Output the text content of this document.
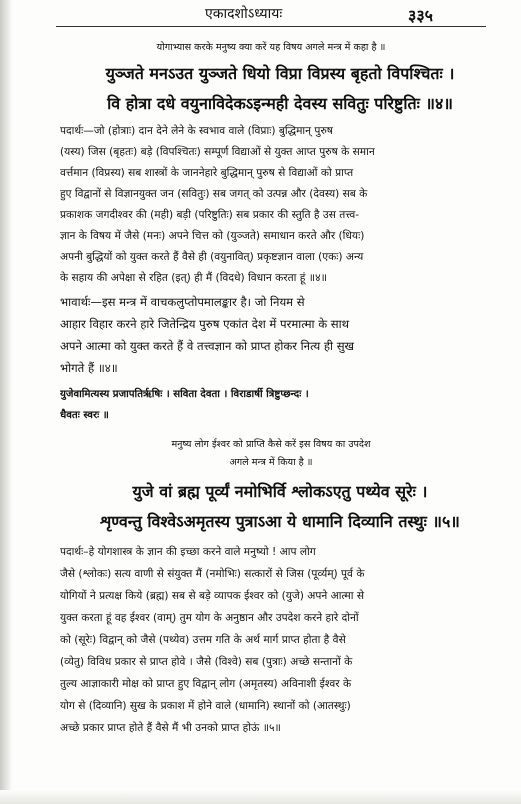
एकादशोऽध्यायः	३३५
योगाभ्यास करके मनुष्य क्या करें यह विषय अगले मन्त्र में कहा है ॥
युञ्जते मनऽउत युञ्जते धियो विप्रा विप्रस्य बृहतो विपश्चितः ।
वि होत्रा दधे वयुनाविदेकऽइन्मही देवस्य सवितुः परिष्टुतिः ॥४॥
पदार्थः—जो (होत्राः) दान देने लेने के स्वभाव वाले (विप्राः) बुद्धिमान् पुरुष
(यस्य) जिस (बृहतः) बड़े (विपश्चितः) सम्पूर्ण विद्याओं से युक्त आप्त पुरुष के समान
वर्त्तमान (विप्रस्य) सब शास्त्रों के जाननेहारे बुद्धिमान् पुरुष से विद्याओं को प्राप्त
हुए विद्वानों से विज्ञानयुक्त जन (सवितुः) सब जगत् को उत्पन्न और (देवस्य) सब के
प्रकाशक जगदीश्वर की (मही) बड़ी (परिष्टुतिः) सब प्रकार की स्तुति है उस तत्त्व-
ज्ञान के विषय में जैसे (मनः) अपने चित्त को (युञ्जते) समाधान करते और (धियः)
अपनी बुद्धियों को युक्त करते हैं वैसे ही (वयुनावित्) प्रकृष्टज्ञान वाला (एकः) अन्य
के सहाय की अपेक्षा से रहित (इत्) ही मैं (विदधे) विधान करता हूं ॥४॥
भावार्थः—इस मन्त्र में वाचकलुप्तोपमालङ्कार है। जो नियम से
आहार विहार करने हारे जितेन्द्रिय पुरुष एकांत देश में परमात्मा के साथ
अपने आत्मा को युक्त करते हैं वे तत्त्वज्ञान को प्राप्त होकर नित्य ही सुख
भोगते हैं ॥४॥
युजेवामित्यस्य प्रजापतिर्ऋषिः । सविता देवता । विराडार्षी त्रिष्टुप्छन्दः ।
धैवतः स्वरः ॥
मनुष्य लोग ईश्वर को प्राप्ति कैसे करें इस विषय का उपदेश
अगले मन्त्र में किया है ॥
युजे वां ब्रह्म पूर्व्यं नमोभिर्वि श्लोकऽएतु पथ्येव सूरेः ।
शृण्वन्तु विश्वेऽअमृतस्य पुत्राऽआ ये धामानि दिव्यानि तस्थुः ॥५॥
पदार्थः–हे योगशास्त्र के ज्ञान की इच्छा करने वाले मनुष्यो ! आप लोग
जैसे (श्लोकः) सत्य वाणी से संयुक्त मैं (नमोभिः) सत्कारों से जिस (पूर्व्यम्) पूर्व के
योगियों ने प्रत्यक्ष किये (ब्रह्म) सब से बड़े व्यापक ईश्वर को (युजे) अपने आत्मा से
युक्त करता हूं वह ईश्वर (वाम्) तुम योग के अनुष्ठान और उपदेश करने हारे दोनों
को (सूरेः) विद्वान् को जैसे (पथ्येव) उत्तम गति के अर्थ मार्ग प्राप्त होता है वैसे
(व्येतु) विविध प्रकार से प्राप्त होवे । जैसे (विश्वे) सब (पुत्राः) अच्छे सन्तानों के
तुल्य आज्ञाकारी मोक्ष को प्राप्त हुए विद्वान् लोग (अमृतस्य) अविनाशी ईश्वर के
योग से (दिव्यानि) सुख के प्रकाश में होने वाले (धामानि) स्थानों को (आतस्थुः)
अच्छे प्रकार प्राप्त होते हैं वैसे मैं भी उनको प्राप्त होऊं ॥५॥
